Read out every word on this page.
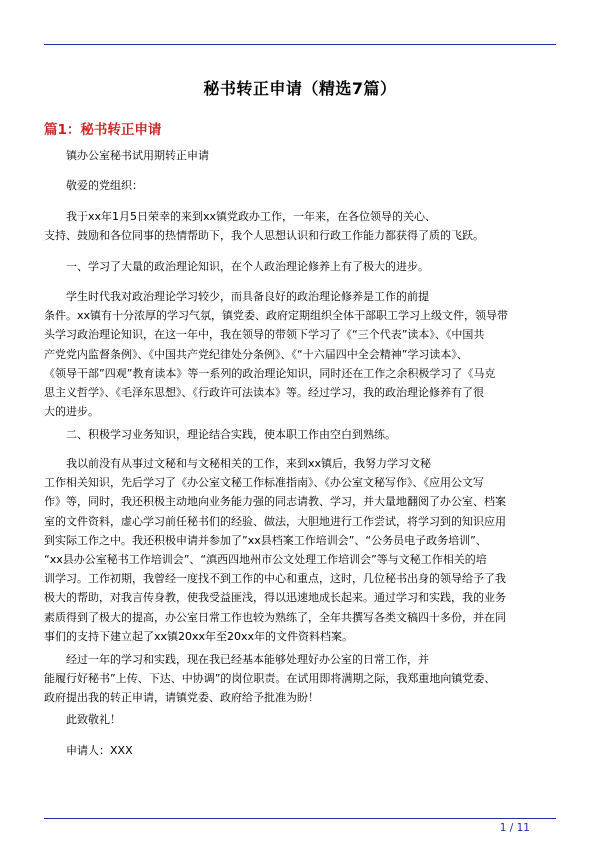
秘书转正申请（精选7篇）
篇1：秘书转正申请

镇办公室秘书试用期转正申请

敬爱的党组织：

我于xx年1月5日荣幸的来到xx镇党政办工作，一年来，在各位领导的关心、
支持、鼓励和各位同事的热情帮助下，我个人思想认识和行政工作能力都获得了质的飞跃。

一、学习了大量的政治理论知识，在个人政治理论修养上有了极大的进步。

学生时代我对政治理论学习较少，而具备良好的政治理论修养是工作的前提
条件。xx镇有十分浓厚的学习气氛，镇党委、政府定期组织全体干部职工学习上级文件，领导带
头学习政治理论知识，在这一年中，我在领导的带领下学习了《“三个代表”读本》、《中国共
产党党内监督条例》、《中国共产党纪律处分条例》、《“十六届四中全会精神”学习读本》、
《领导干部”四观”教育读本》等一系列的政治理论知识，同时还在工作之余积极学习了《马克
思主义哲学》、《毛泽东思想》、《行政许可法读本》等。经过学习，我的政治理论修养有了很
大的进步。

二、积极学习业务知识，理论结合实践，使本职工作由空白到熟练。

我以前没有从事过文秘和与文秘相关的工作，来到xx镇后，我努力学习文秘
工作相关知识，先后学习了《办公室文秘工作标准指南》、《办公室文秘写作》、《应用公文写
作》等，同时，我还积极主动地向业务能力强的同志请教、学习，并大量地翻阅了办公室、档案
室的文件资料，虚心学习前任秘书们的经验、做法，大胆地进行工作尝试，将学习到的知识应用
到实际工作之中。我还积极申请并参加了”xx县档案工作培训会”、“公务员电子政务培训”、
“xx县办公室秘书工作培训会”、“滇西四地州市公文处理工作培训会”等与文秘工作相关的培
训学习。工作初期，我曾经一度找不到工作的中心和重点，这时，几位秘书出身的领导给予了我
极大的帮助，对我言传身教，使我受益匪浅，得以迅速地成长起来。通过学习和实践，我的业务
素质得到了极大的提高，办公室日常工作也较为熟练了，全年共撰写各类文稿四十多份，并在同
事们的支持下建立起了xx镇20xx年至20xx年的文件资料档案。
经过一年的学习和实践，现在我已经基本能够处理好办公室的日常工作，并
能履行好秘书”上传、下达、中协调”的岗位职责。在试用即将满期之际，我郑重地向镇党委、
政府提出我的转正申请，请镇党委、政府给予批准为盼！

此致敬礼！

申请人：XXX

1 / 11
